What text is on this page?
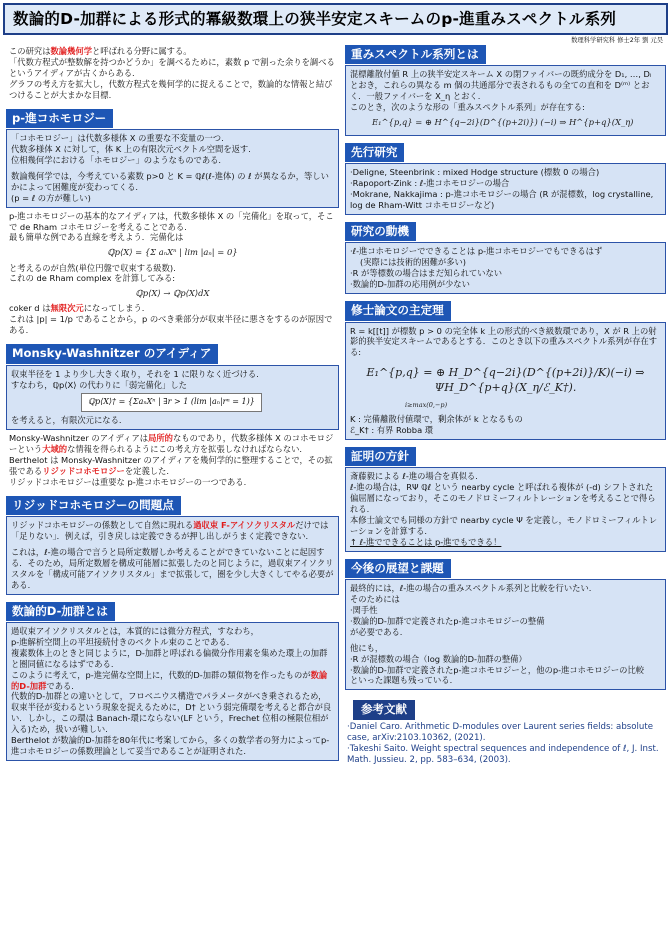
数論的D-加群による形式的冪級数環上の狭半安定スキームのp-進重みスペクトル系列
数理科学研究科 修士2年 劉 元昊

この研究は数論幾何学と呼ばれる分野に属する。

「代数方程式が整数解を持つかどうか」を調べるために，素数 p で割った余りを調べるというアイディアが古くからある.

グラフの考え方を拡大し，代数方程式を幾何学的に捉えることで，数論的な情報と結びつけることが大まかな目標.

p-進コホモロジー

「コホモロジー」は代数多様体 X の重要な不変量の一つ.

代数多様体 X に対して，体 K 上の有限次元ベクトル空間を返す.

位相幾何学における「ホモロジー」のようなものである.

数論幾何学では，今考えている素数 p>0 と K = ℚℓ(ℓ-進体) の ℓ が異なるか，等しいかによって困難度が変わってくる.

(p = ℓ の方が難しい)

p-進コホモロジーの基本的なアイディアは，代数多様体 X の「完備化」を取って，そこで de Rham コホモロジーを考えることである.

最も簡単な例である直線を考えよう．完備化は

ℚp⟨X⟩ = {Σ aₙXⁿ | lim |aₙ| = 0}

と考えるのが自然(単位円盤で収束する級数).

これの de Rham complex を計算してみる:

ℚp⟨X⟩ → ℚp⟨X⟩dX

coker d は無限次元になってしまう.

これは |p| = 1/p であることから，p のべき乗部分が収束半径に悪さをするのが原因である.

Monsky-Washnitzer のアイディア

収束半径を 1 より少し大きく取り，それを 1 に限りなく近づける.

すなわち，ℚp⟨X⟩ の代わりに「弱完備化」した

ℚp⟨X⟩† = {ΣaₙXⁿ | ∃r > 1 (lim |aₙ|rⁿ = 1)}

を考えると，有限次元になる.

Monsky-Washnitzer のアイディアは局所的なものであり，代数多様体 X のコホモロジーという大域的な情報を得られるようにこの考え方を拡張しなければならない.

Berthelot は Monsky-Washnitzer のアイディアを幾何学的に整理することで，その拡張であるリジッドコホモロジーを定義した.

リジッドコホモロジーは重要な p-進コホモロジーの一つである.

リジッドコホモロジーの問題点

リジッドコホモロジーの係数として自然に現れる過収束 F-アイソクリスタルだけでは「足りない」．例えば，引き戻しは定義できるが押し出しがうまく定義できない.

これは，ℓ-進の場合で言うと局所定数層しか考えることができていないことに起因する．そのため，局所定数層を構成可能層に拡張したのと同じように，過収束アイソクリスタルを「構成可能アイソクリスタル」まで拡張して，圏を少し大きくしてやる必要がある.

数論的D-加群とは

過収束アイソクリスタルとは，本質的には微分方程式，すなわち，

p-進解析空間上の平坦接続付きのベクトル束のことである.

複素数体上のときと同じように，D-加群と呼ばれる偏微分作用素を集めた環上の加群と圏同値になるはずである.

このように考えて，p-進完備な空間上に，代数的D-加群の類似物を作ったものが数論的D-加群である.

代数的D-加群との違いとして，フロベニウス構造でパラメータがべき乗されるため，収束半径が変わるという現象を捉えるために，D† という弱完備環を考えると都合が良い．しかし，この環は Banach-環にならない(LF という，Frechet 位相の極限位相が入る)ため，扱いが難しい.

Berthelot が数論的D-加群を80年代に考案してから，多くの数学者の努力によってp-進コホモロジーの係数理論として妥当であることが証明された.

重みスペクトル系列とは

混標離散付値 R 上の狭半安定スキーム X の閉ファイバーの既約成分を D₁, …, Dₗ とおき，これらの異なる m 個の共通部分で表されるもの全ての直和を D⁽ᵐ⁾ とおく．一般ファイバーを X_η とおく.

このとき，次のような形の「重みスペクトル系列」が存在する:

E₁^{p,q} = ⊕ H^{q−2i}(D^{(p+2i)}) (−i) ⇒ H^{p+q}(X_η)

先行研究

·Deligne, Steenbrink : mixed Hodge structure (標数 0 の場合)

·Rapoport-Zink : ℓ-進コホモロジーの場合

·Mokrane, Nakkajima : p-進コホモロジーの場合 (R が混標数，log crystalline, log de Rham-Witt コホモロジーなど)

研究の動機

·ℓ-進コホモロジーでできることは p-進コホモロジーでもできるはず

(実際には技術的困難が多い)

·R が等標数の場合はまだ知られていない

·数論的D-加群の応用例が少ない

修士論文の主定理

R = k[[t]] が標数 p > 0 の完全体 k 上の形式的べき級数環であり，X が R 上の射影的狭半安定スキームであるとする．このとき以下の重みスペクトル系列が存在する:

E₁^{p,q} = ⊕ H_D^{q−2i}(D^{(p+2i)}/K)(−i) ⇒ ΨH_D^{p+q}(X_η/ℰ_K†).

i≥max(0,−p)

K : 完備離散付値環で，剰余体が k となるもの

ℰ_K† : 有界 Robba 環

証明の方針

斎藤毅による ℓ-進の場合を真似る.

ℓ-進の場合は，RΨ ℚℓ という nearby cycle と呼ばれる複体が (-d) シフトされた偏屈層になっており，そこのモノドロミーフィルトレーションを考えることで得られる.

本修士論文でも同様の方針で nearby cycle Ψ を定義し，モノドロミーフィルトレーションを計算する.

↑ ℓ-進でできることは p-進でもできる！

今後の展望と課題

最終的には，ℓ-進の場合の重みスペクトル系列と比較を行いたい.

そのためには

·関手性

·数論的D-加群で定義されたp-進コホモロジーの整備

が必要である.

他にも，

·R が混標数の場合（log 数論的D-加群の整備）

·数論的D-加群で定義されたp-進コホモロジーと，他のp-進コホモロジーの比較

といった課題も残っている.

参考文献

·Daniel Caro. Arithmetic D-modules over Laurent series fields: absolute case, arXiv:2103.10362, (2021).

·Takeshi Saito. Weight spectral sequences and independence of ℓ, J. Inst. Math. Jussieu. 2, pp. 583–634, (2003).
